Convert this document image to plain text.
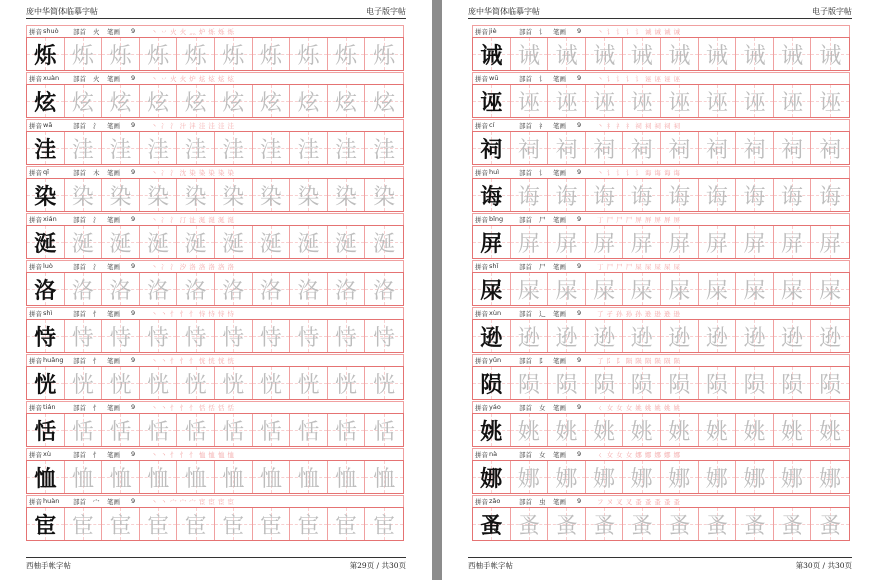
庞中华简体临摹字帖	电子版字帖
拼音 shuò 部首 火 笔画 9 丶 丷 火 火 灬 炉 烁 烁 烁
烁 烁 烁 烁 烁 烁 烁 烁 烁 烁
拼音 xuàn 部首 火 笔画 9 丶 丷 火 火 炉 炫 炫 炫 炫
炫 炫 炫 炫 炫 炫 炫 炫 炫 炫
拼音 wā	部首 氵 笔画 9 丶 冫 氵 汁 沣 洼 洼 洼 洼
洼 洼 洼 洼 洼 洼 洼 洼 洼 洼
拼音 qī	部首 木 笔画 9 丶 冫 氵 沈 染 染 染 染 染
染 染 染 染 染 染 染 染 染 染
拼音 xián 部首 氵 笔画 9 丶 冫 氵 汀 沚 涎 涎 涎 涎
涎 涎 涎 涎 涎 涎 涎 涎 涎 涎
拼音 luò	部首 氵 笔画 9 丶 冫 氵 汐 洛 洛 洛 洛 洛
洛 洛 洛 洛 洛 洛 洛 洛 洛 洛
拼音 shì	部首 忄 笔画 9 丶 丶 忄 忄 忄 恃 恃 恃 恃
恃 恃 恃 恃 恃 恃 恃 恃 恃 恃
拼音 huǎng 部首 忄 笔画 9 丶 丶 忄 忄 忄 恍 恍 恍 恍
恍 恍 恍 恍 恍 恍 恍 恍 恍 恍
拼音 tián	部首 忄 笔画 9 丶 丶 忄 忄 忄 恬 恬 恬 恬
恬 恬 恬 恬 恬 恬 恬 恬 恬 恬
拼音 xù	部首 忄 笔画 9 丶 丶 忄 忄 忄 恤 恤 恤 恤
恤 恤 恤 恤 恤 恤 恤 恤 恤 恤
拼音 huàn 部首 宀 笔画 9 丶 丶 宀 宀 宀 宦 宦 宦 宦
宦 宦 宦 宦 宦 宦 宦 宦 宦 宦
西柚手帐字帖	第29页 / 共30页
庞中华简体临摹字帖	电子版字帖
拼音 jiè	部首 讠 笔画 9 丶 讠 讠 讠 讠 诫 诫 诫 诫
诫 诫 诫 诫 诫 诫 诫 诫 诫 诫
拼音 wū	部首 讠 笔画 9 丶 讠 讠 讠 讠 诬 诬 诬 诬
诬 诬 诬 诬 诬 诬 诬 诬 诬 诬
拼音 cí	部首 礻 笔画 9 丶 礻 礻 礻 祠 祠 祠 祠 祠
祠 祠 祠 祠 祠 祠 祠 祠 祠 祠
拼音 huì	部首 讠 笔画 9 丶 讠 讠 讠 讠 诲 诲 诲 诲
诲 诲 诲 诲 诲 诲 诲 诲 诲 诲
拼音 bǐng 部首 尸 笔画 9 丁 尸 尸 尸 屏 屏 屏 屏 屏
屏 屏 屏 屏 屏 屏 屏 屏 屏 屏
拼音 shǐ	部首 尸 笔画 9 丁 尸 尸 尸 屎 屎 屎 屎 屎
屎 屎 屎 屎 屎 屎 屎 屎 屎 屎
拼音 xùn	部首 辶 笔画 9 了 孑 孙 孙 孙 逊 逊 逊 逊
逊 逊 逊 逊 逊 逊 逊 逊 逊 逊
拼音 yǔn	部首 阝 笔画 9 了 阝 阝 陨 陨 陨 陨 陨 陨
陨 陨 陨 陨 陨 陨 陨 陨 陨 陨
拼音 yáo	部首 女 笔画 9 ㄑ 女 女 女 姚 姚 姚 姚 姚
姚 姚 姚 姚 姚 姚 姚 姚 姚 姚
拼音 nà	部首 女 笔画 9 ㄑ 女 女 女 娜 娜 娜 娜 娜
娜 娜 娜 娜 娜 娜 娜 娜 娜 娜
拼音 zǎo	部首 虫 笔画 9 フ ヌ 叉 叉 蚤 蚤 蚤 蚤 蚤
蚤 蚤 蚤 蚤 蚤 蚤 蚤 蚤 蚤 蚤
西柚手帐字帖	第30页 / 共30页
